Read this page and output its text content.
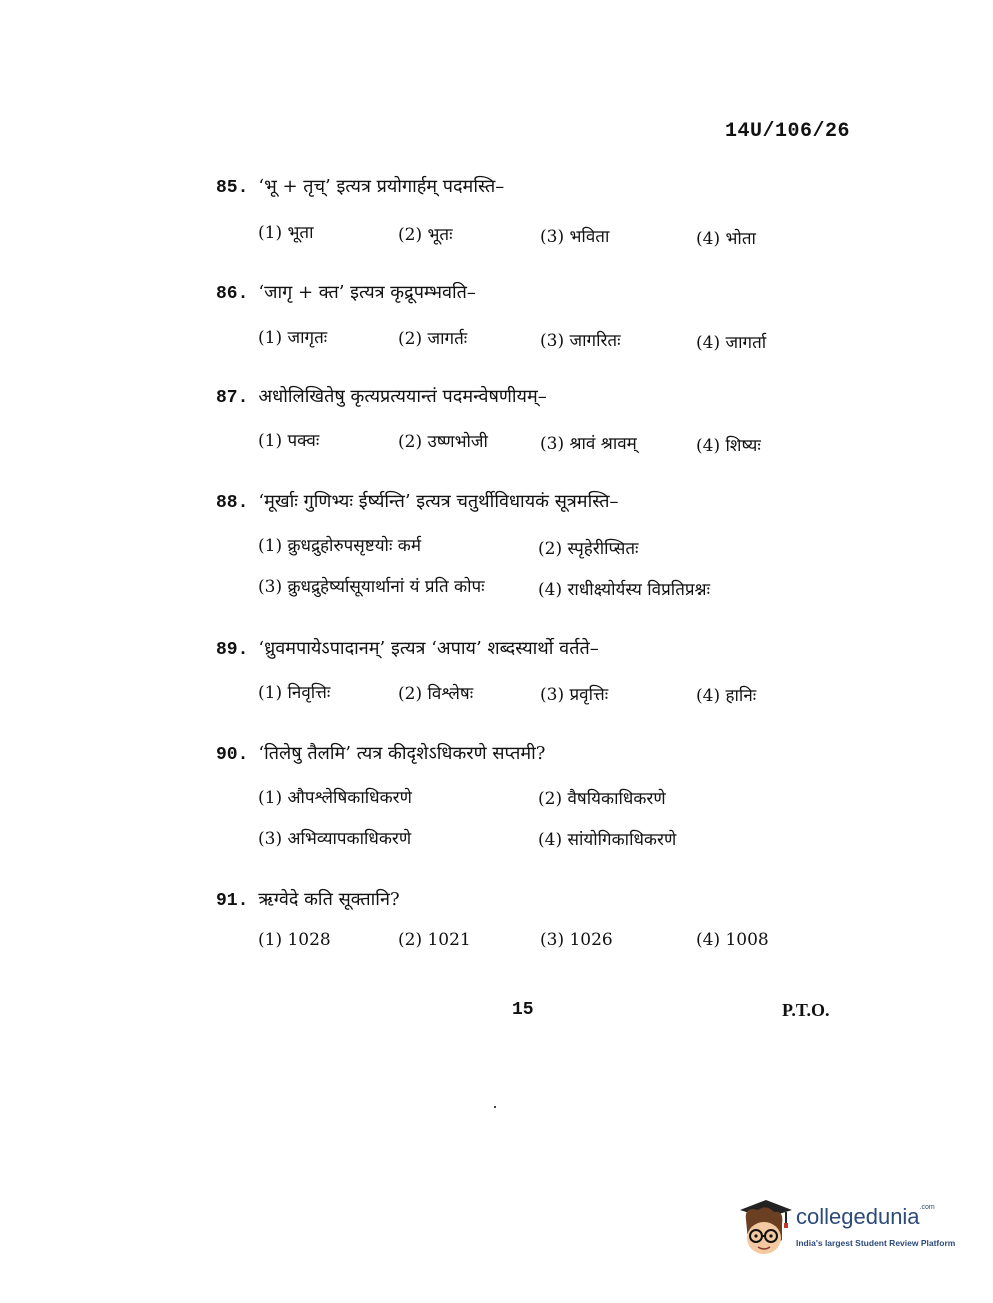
14U/106/26
85. ‘भू + तृच्’ इत्यत्र प्रयोगार्हम् पदमस्ति–
(1) भूता	(2) भूतः	(3) भविता	(4) भोता
86. ‘जागृ + क्त’ इत्यत्र कृद्रूपम्भवति–
(1) जागृतः	(2) जागर्तः	(3) जागरितः	(4) जागर्ता
87. अधोलिखितेषु कृत्यप्रत्ययान्तं पदमन्वेषणीयम्–
(1) पक्वः	(2) उष्णभोजी	(3) श्रावं श्रावम्	(4) शिष्यः
88. ‘मूर्खाः गुणिभ्यः ईर्ष्यन्ति’ इत्यत्र चतुर्थीविधायकं सूत्रमस्ति–
(1) क्रुधद्रुहोरुपसृष्टयोः कर्म	(2) स्पृहेरीप्सितः
(3) क्रुधद्रुहेर्ष्यासूयार्थानां यं प्रति कोपः	(4) राधीक्ष्योर्यस्य विप्रतिप्रश्नः
89. ‘ध्रुवमपायेऽपादानम्’ इत्यत्र ‘अपाय’ शब्दस्यार्थो वर्तते–
(1) निवृत्तिः	(2) विश्लेषः	(3) प्रवृत्तिः	(4) हानिः
90. ‘तिलेषु तैलमि’ त्यत्र कीदृशेऽधिकरणे सप्तमी?
(1) औपश्लेषिकाधिकरणे	(2) वैषयिकाधिकरणे
(3) अभिव्यापकाधिकरणे	(4) सांयोगिकाधिकरणे
91. ऋग्वेदे कति सूक्तानि?
(1) 1028	(2) 1021	(3) 1026	(4) 1008
15	P.T.O.
collegedunia$^{.com}$
India's largest Student Review Platform
